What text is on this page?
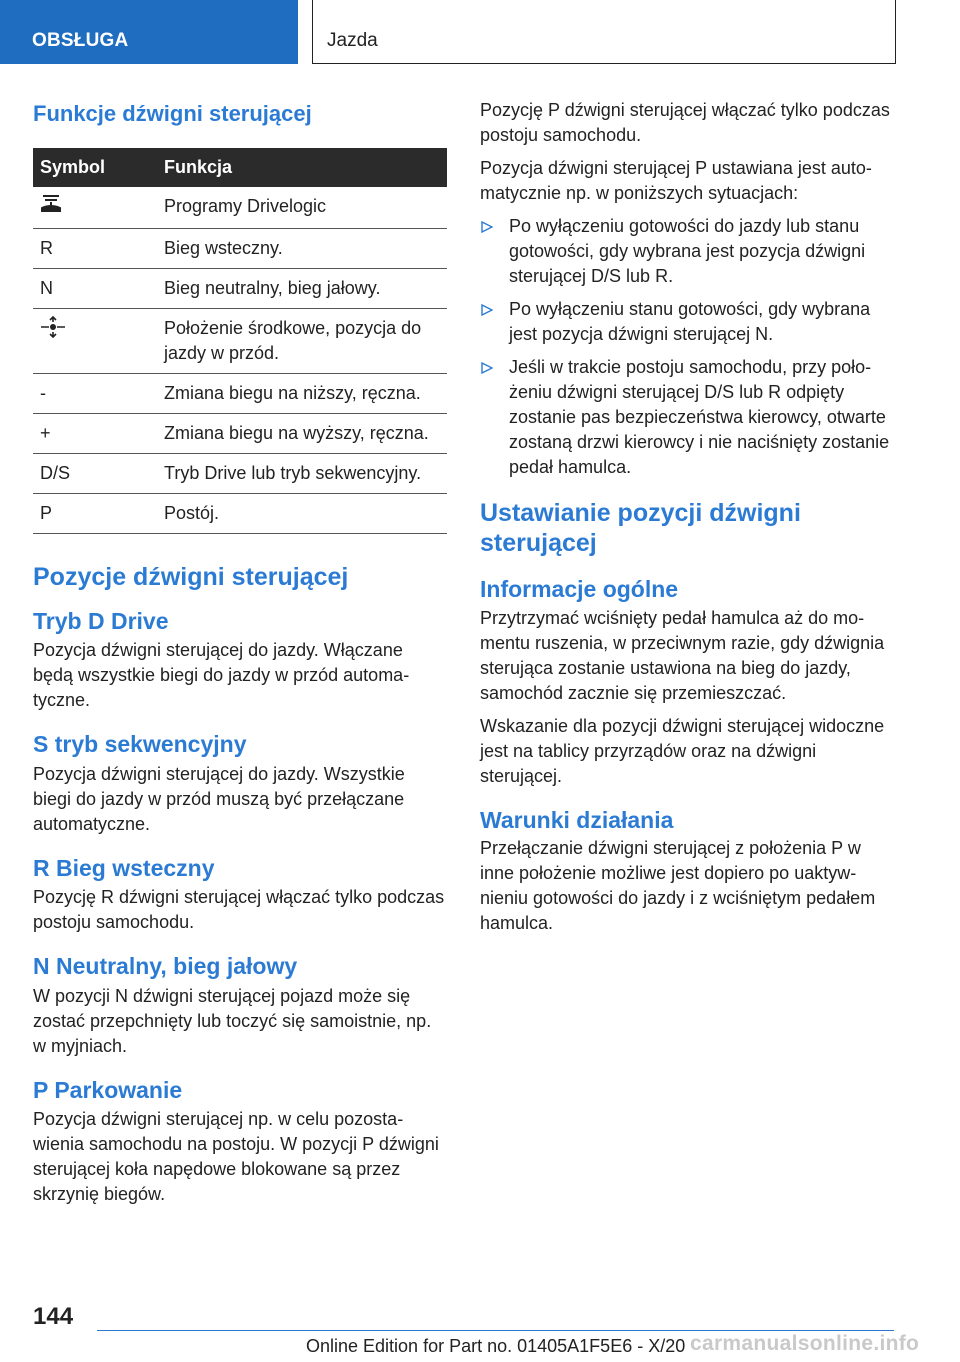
OBSŁUGA	Jazda
Funkcje dźwigni sterującej
Symbol	Funkcja
	Programy Drivelogic
R	Bieg wsteczny.
N	Bieg neutralny, bieg jałowy.
	Położenie środkowe, pozycja do jazdy w przód.
-	Zmiana biegu na niższy, ręczna.
+	Zmiana biegu na wyższy, ręczna.
D/S	Tryb Drive lub tryb sekwencyjny.
P	Postój.
Pozycje dźwigni sterującej
Tryb D Drive

Pozycja dźwigni sterującej do jazdy. Włączane będą wszystkie biegi do jazdy w przód automatyczne.

S tryb sekwencyjny

Pozycja dźwigni sterującej do jazdy. Wszystkie biegi do jazdy w przód muszą być przełączane automatyczne.

R Bieg wsteczny

Pozycję R dźwigni sterującej włączać tylko podczas postoju samochodu.

N Neutralny, bieg jałowy

W pozycji N dźwigni sterującej pojazd może się zostać przepchnięty lub toczyć się samoistnie, np. w myjniach.

P Parkowanie

Pozycja dźwigni sterującej np. w celu pozostawienia samochodu na postoju. W pozycji P dźwigni sterującej koła napędowe blokowane są przez skrzynię biegów.

Pozycję P dźwigni sterującej włączać tylko podczas postoju samochodu.

Pozycja dźwigni sterującej P ustawiana jest automatycznie np. w poniższych sytuacjach:

Po wyłączeniu gotowości do jazdy lub stanu gotowości, gdy wybrana jest pozycja dźwigni sterującej D/S lub R.
Po wyłączeniu stanu gotowości, gdy wybrana jest pozycja dźwigni sterującej N.
Jeśli w trakcie postoju samochodu, przy położeniu dźwigni sterującej D/S lub R odpięty zostanie pas bezpieczeństwa kierowcy, otwarte zostaną drzwi kierowcy i nie naciśnięty zostanie pedał hamulca.
Ustawianie pozycji dźwigni sterującej
Informacje ogólne

Przytrzymać wciśnięty pedał hamulca aż do momentu ruszenia, w przeciwnym razie, gdy dźwignia sterująca zostanie ustawiona na bieg do jazdy, samochód zacznie się przemieszczać.

Wskazanie dla pozycji dźwigni sterującej widoczne jest na tablicy przyrządów oraz na dźwigni sterującej.

Warunki działania

Przełączanie dźwigni sterującej z położenia P w inne położenie możliwe jest dopiero po uaktywnieniu gotowości do jazdy i z wciśniętym pedałem hamulca.

144
Online Edition for Part no. 01405A1F5E6 - X/20 carmanualsonline.info
